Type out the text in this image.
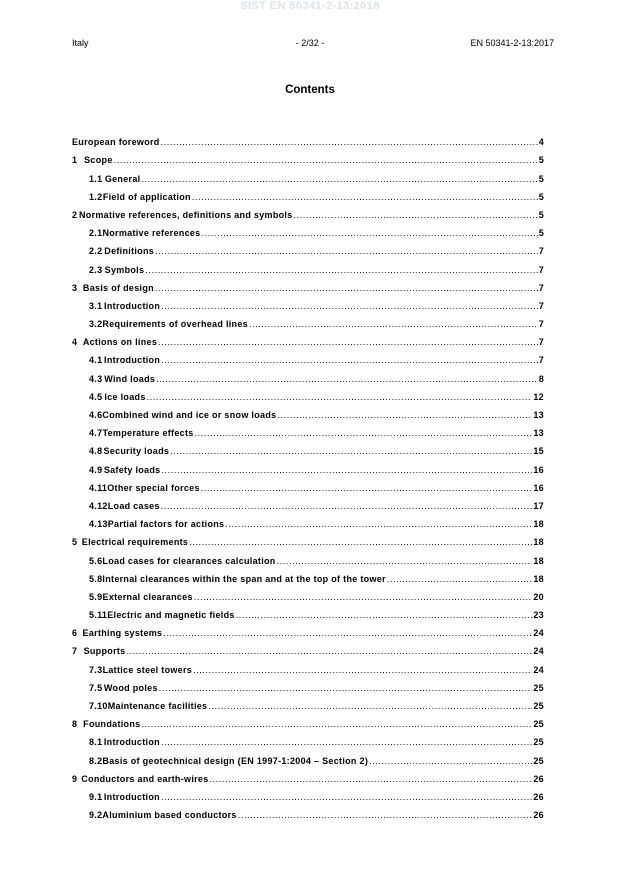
SIST EN 50341-2-13:2018
Italy	- 2/32 -	EN 50341-2-13:2017
Contents
European foreword .....	4
1 Scope .....	5
1.1 General .....	5
1.2 Field of application .....	5
2 Normative references, definitions and symbols .....	5
2.1 Normative references .....	5
2.2 Definitions .....	7
2.3 Symbols .....	7
3 Basis of design .....	7
3.1 Introduction .....	7
3.2 Requirements of overhead lines .....	7
4 Actions on lines .....	7
4.1 Introduction .....	7
4.3 Wind loads .....	8
4.5 Ice loads .....	12
4.6 Combined wind and ice or snow loads .....	13
4.7 Temperature effects .....	13
4.8 Security loads .....	15
4.9 Safety loads .....	16
4.11 Other special forces .....	16
4.12 Load cases .....	17
4.13 Partial factors for actions .....	18
5 Electrical requirements .....	18
5.6 Load cases for clearances calculation .....	18
5.8 Internal clearances within the span and at the top of the tower .....	18
5.9 External clearances .....	20
5.11 Electric and magnetic fields .....	23
6 Earthing systems .....	24
7 Supports .....	24
7.3 Lattice steel towers .....	24
7.5 Wood poles .....	25
7.10 Maintenance facilities .....	25
8 Foundations .....	25
8.1 Introduction .....	25
8.2 Basis of geotechnical design (EN 1997-1:2004 – Section 2) .....	25
9 Conductors and earth-wires .....	26
9.1 Introduction .....	26
9.2 Aluminium based conductors .....	26
